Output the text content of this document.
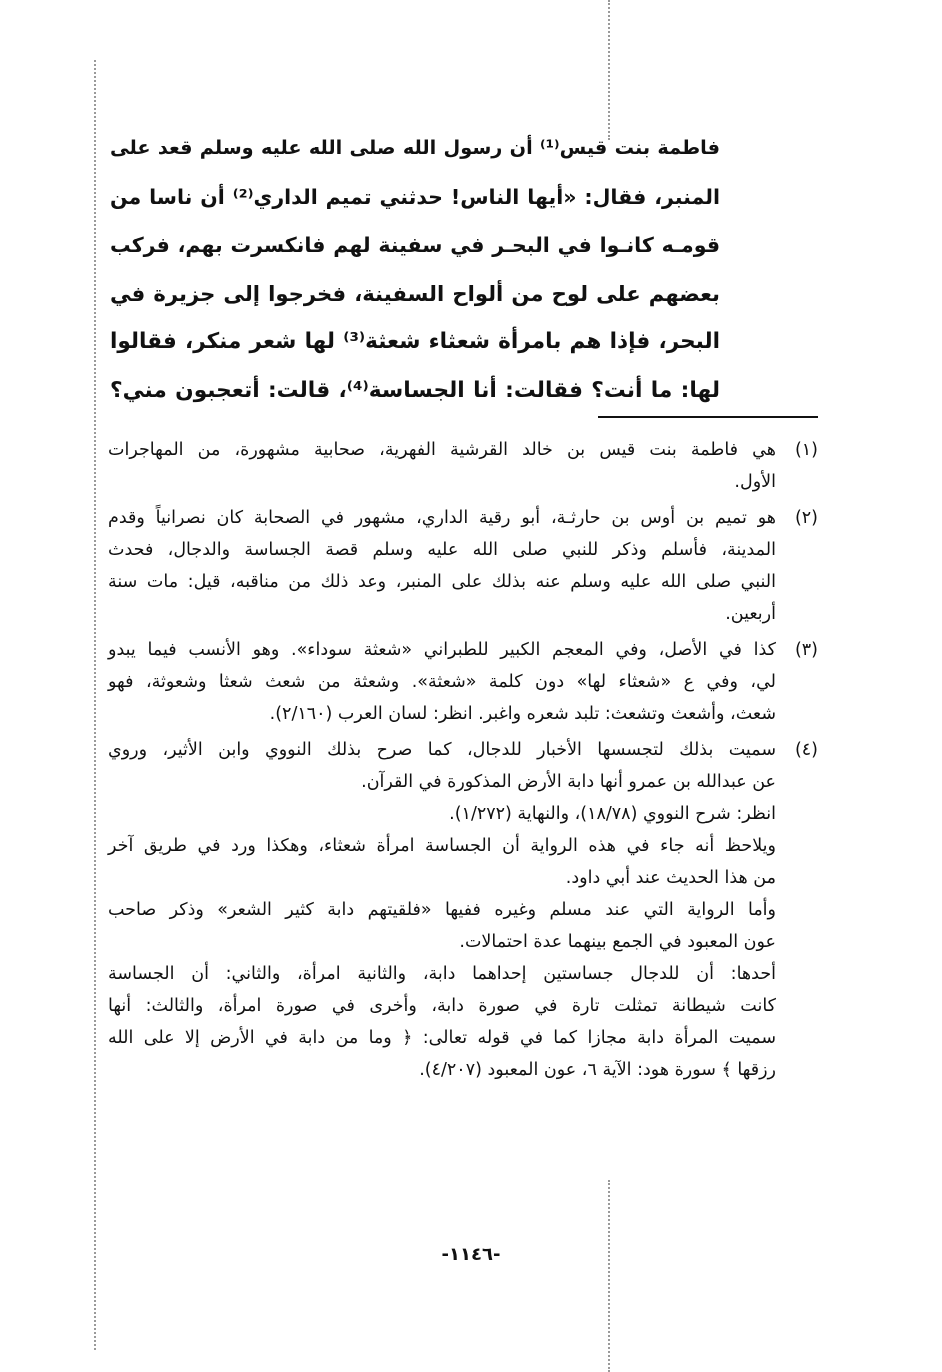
فاطمة بنت قيس⁽¹⁾ أن رسول الله صلى الله عليه وسلم قعد على
المنبر، فقال: «أيها الناس! حدثني تميم الداري⁽²⁾ أن ناسا من
قومـه كانـوا في البحـر في سفينة لهم فانكسرت بهم، فركب
بعضهم على لوح من ألواح السفينة، فخرجوا إلى جزيرة في
البحر، فإذا هم بامرأة شعثاء شعثة⁽³⁾ لها شعر منكر، فقالوا
لها: ما أنت؟ فقالت: أنا الجساسة⁽⁴⁾، قالت: أتعجبون مني؟
(١)
هي فاطمة بنت قيس بن خالد القرشية الفهرية، صحابية مشهورة، من المهاجرات
الأول.
(٢)
هو تميم بن أوس بن حارثـة، أبو رقية الداري، مشهور في الصحابة كان نصرانياً وقدم
المدينة، فأسلم وذكر للنبي صلى الله عليه وسلم قصة الجساسة والدجال، فحدث
النبي صلى الله عليه وسلم عنه بذلك على المنبر، وعد ذلك من مناقبه، قيل: مات سنة
أربعين.
(٣)
كذا في الأصل، وفي المعجم الكبير للطبراني «شعثة سوداء». وهو الأنسب فيما يبدو
لي، وفي ع «شعثاء لها» دون كلمة «شعثة». وشعثة من شعث شعثا وشعوثة، فهو
شعث، وأشعث وتشعث: تلبد شعره واغبر. انظر: لسان العرب (٢/١٦٠).
(٤)
سميت بذلك لتجسسها الأخبار للدجال، كما صرح بذلك النووي وابن الأثير، وروي
عن عبدالله بن عمرو أنها دابة الأرض المذكورة في القرآن.
انظر: شرح النووي (١٨/٧٨)، والنهاية (١/٢٧٢).
ويلاحظ أنه جاء في هذه الرواية أن الجساسة امرأة شعثاء، وهكذا ورد في طريق آخر
من هذا الحديث عند أبي داود.
وأما الرواية التي عند مسلم وغيره ففيها «فلقيتهم دابة كثير الشعر» وذكر صاحب
عون المعبود في الجمع بينهما عدة احتمالات.
أحدها: أن للدجال جساستين إحداهما دابة، والثانية امرأة، والثاني: أن الجساسة
كانت شيطانة تمثلت تارة في صورة دابة، وأخرى في صورة امرأة، والثالث: أنها
سميت المرأة دابة مجازا كما في قوله تعالى: ﴿ وما من دابة في الأرض إلا على الله
رزقها ﴾ سورة هود: الآية ٦، عون المعبود (٤/٢٠٧).
-١١٤٦-
